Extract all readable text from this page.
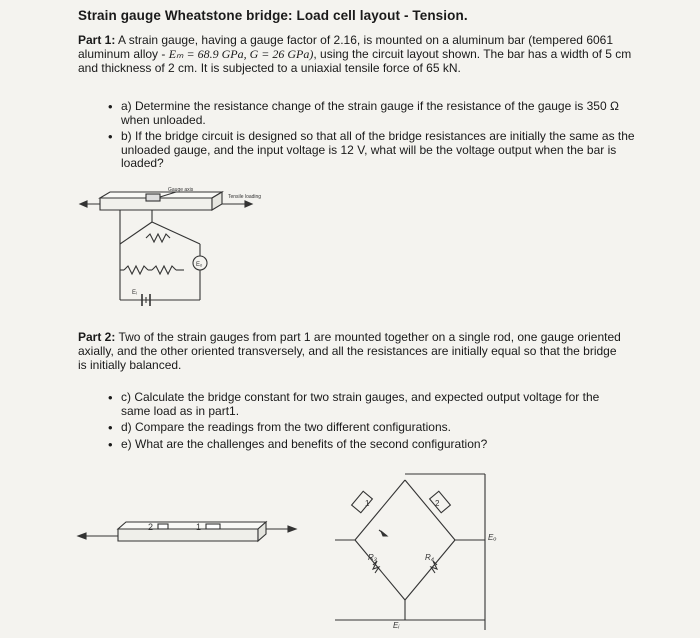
Strain gauge Wheatstone bridge: Load cell layout - Tension.
Part 1: A strain gauge, having a gauge factor of 2.16, is mounted on a aluminum bar (tempered 6061 aluminum alloy - Eₘ = 68.9 GPa, G = 26 GPa), using the circuit layout shown. The bar has a width of 5 cm and thickness of 2 cm. It is subjected to a uniaxial tensile force of 65 kN.
• a) Determine the resistance change of the strain gauge if the resistance of the gauge is 350 Ω when unloaded.
• b) If the bridge circuit is designed so that all of the bridge resistances are initially the same as the unloaded gauge, and the input voltage is 12 V, what will be the voltage output when the bar is loaded?
Gauge axis
Tensile loading
Eₒ
Eᵢ
Part 2: Two of the strain gauges from part 1 are mounted together on a single rod, one gauge oriented axially, and the other oriented transversely, and all the resistances are initially equal so that the bridge is initially balanced.
• c) Calculate the bridge constant for two strain gauges, and expected output voltage for the same load as in part1.
• d) Compare the readings from the two different configurations.
• e) What are the challenges and benefits of the second configuration?
2	1
1	2
R₃	R₄
Eₒ
Eᵢ
